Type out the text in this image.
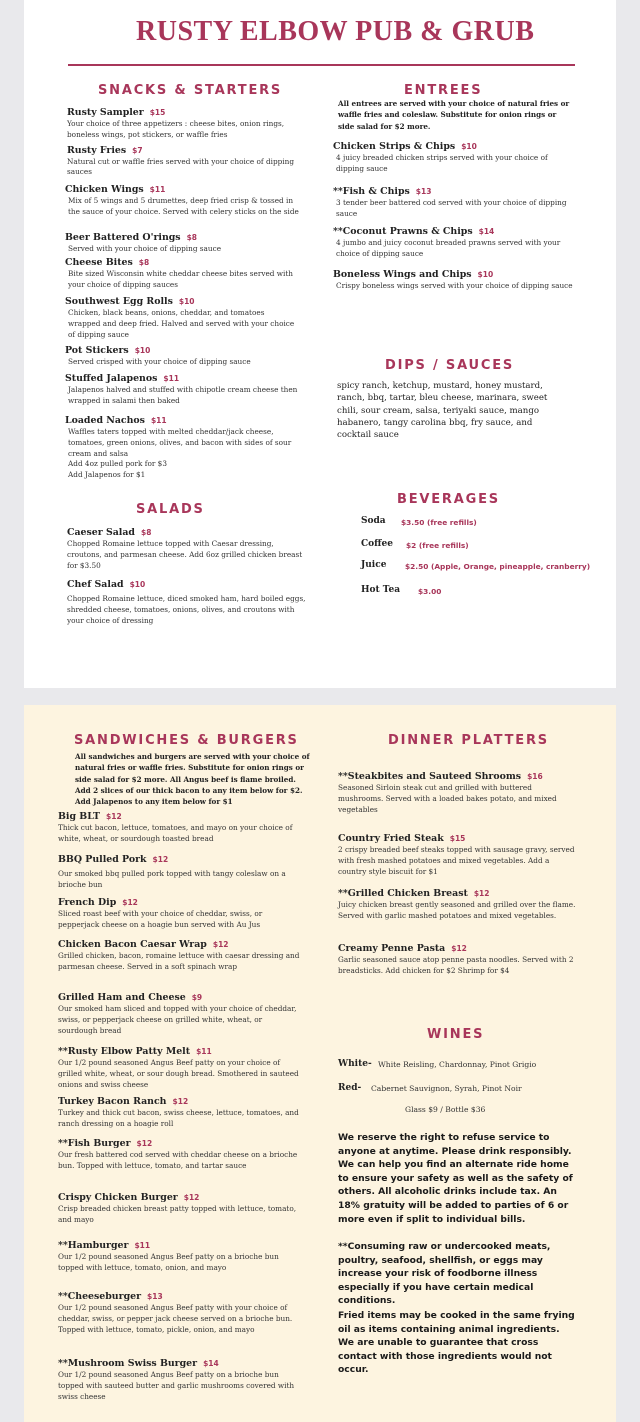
RUSTY ELBOW PUB & GRUB
SNACKS & STARTERS
Rusty Sampler $15
Your choice of three appetizers : cheese bites, onion rings, boneless wings, pot stickers, or waffle fries
Rusty Fries $7
Natural cut or waffle fries served with your choice of dipping sauces
Chicken Wings $11
Mix of 5 wings and 5 drumettes, deep fried crisp & tossed in the sauce of your choice. Served with celery sticks on the side
Beer Battered O'rings $8
Served with your choice of dipping sauce
Cheese Bites $8
Bite sized Wisconsin white cheddar cheese bites served with your choice of dipping sauces
Southwest Egg Rolls $10
Chicken, black beans, onions, cheddar, and tomatoes wrapped and deep fried. Halved and served with your choice of dipping sauce
Pot Stickers $10
Served crisped with your choice of dipping sauce
Stuffed Jalapenos $11
Jalapenos halved and stuffed with chipotle cream cheese then wrapped in salami then baked
Loaded Nachos $11
Waffles taters topped with melted cheddar/jack cheese, tomatoes, green onions, olives, and bacon with sides of sour cream and salsa
Add 4oz pulled pork for $3
Add Jalapenos for $1
ENTREES
All entrees are served with your choice of natural fries or waffle fries and coleslaw. Substitute for onion rings or side salad for $2 more.
Chicken Strips & Chips $10
4 juicy breaded chicken strips served with your choice of dipping sauce
**Fish & Chips $13
3 tender beer battered cod served with your choice of dipping sauce
**Coconut Prawns & Chips $14
4 jumbo and juicy coconut breaded prawns served with your choice of dipping sauce
Boneless Wings and Chips $10
Crispy boneless wings served with your choice of dipping sauce
DIPS / SAUCES
spicy ranch, ketchup, mustard, honey mustard, ranch, bbq, tartar, bleu cheese, marinara, sweet chili, sour cream, salsa, teriyaki sauce, mango habanero, tangy carolina bbq, fry sauce, and cocktail sauce
SALADS
Caeser Salad $8
Chopped Romaine lettuce topped with Caesar dressing, croutons, and parmesan cheese. Add 6oz grilled chicken breast for $3.50
Chef Salad $10
Chopped Romaine lettuce, diced smoked ham, hard boiled eggs, shredded cheese, tomatoes, onions, olives, and croutons with your choice of dressing
BEVERAGES
Soda $3.50 (free refills)
Coffee $2 (free refills)
Juice	$2.50 (Apple, Orange, pineapple, cranberry)
Hot Tea $3.00
SANDWICHES & BURGERS
All sandwiches and burgers are served with your choice of natural fries or waffle fries. Substitute for onion rings or side salad for $2 more. All Angus beef is flame broiled. Add 2 slices of our thick bacon to any item below for $2. Add Jalapenos to any item below for $1
Big BLT $12
Thick cut bacon, lettuce, tomatoes, and mayo on your choice of white, wheat, or sourdough toasted bread
BBQ Pulled Pork $12
Our smoked bbq pulled pork topped with tangy coleslaw on a brioche bun
French Dip $12
Sliced roast beef with your choice of cheddar, swiss, or pepperjack cheese on a hoagie bun served with Au Jus
Chicken Bacon Caesar Wrap $12
Grilled chicken, bacon, romaine lettuce with caesar dressing and parmesan cheese. Served in a soft spinach wrap
Grilled Ham and Cheese $9
Our smoked ham sliced and topped with your choice of cheddar, swiss, or pepperjack cheese on grilled white, wheat, or sourdough bread
**Rusty Elbow Patty Melt $11
Our 1/2 pound seasoned Angus Beef patty on your choice of grilled white, wheat, or sour dough bread. Smothered in sauteed onions and swiss cheese
Turkey Bacon Ranch $12
Turkey and thick cut bacon, swiss cheese, lettuce, tomatoes, and ranch dressing on a hoagie roll
**Fish Burger $12
Our fresh battered cod served with cheddar cheese on a brioche bun. Topped with lettuce, tomato, and tartar sauce
Crispy Chicken Burger $12
Crisp breaded chicken breast patty topped with lettuce, tomato, and mayo
**Hamburger $11
Our 1/2 pound seasoned Angus Beef patty on a brioche bun topped with lettuce, tomato, onion, and mayo
**Cheeseburger $13
Our 1/2 pound seasoned Angus Beef patty with your choice of cheddar, swiss, or pepper jack cheese served on a brioche bun. Topped with lettuce, tomato, pickle, onion, and mayo
**Mushroom Swiss Burger $14
Our 1/2 pound seasoned Angus Beef patty on a brioche bun topped with sauteed butter and garlic mushrooms covered with swiss cheese
DINNER PLATTERS
**Steakbites and Sauteed Shrooms $16
Seasoned Sirloin steak cut and grilled with buttered mushrooms. Served with a loaded bakes potato, and mixed vegetables
Country Fried Steak $15
2 crispy breaded beef steaks topped with sausage gravy, served with fresh mashed potatoes and mixed vegetables. Add a country style biscuit for $1
**Grilled Chicken Breast $12
Juicy chicken breast gently seasoned and grilled over the flame. Served with garlic mashed potatoes and mixed vegetables.
Creamy Penne Pasta $12
Garlic seasoned sauce atop penne pasta noodles. Served with 2 breadsticks. Add chicken for $2 Shrimp for $4
WINES
White- White Reisling, Chardonnay, Pinot Grigio
Red- Cabernet Sauvignon, Syrah, Pinot Noir
Glass $9 / Bottle $36
We reserve the right to refuse service to anyone at anytime. Please drink responsibly. We can help you find an alternate ride home to ensure your safety as well as the safety of others. All alcoholic drinks include tax. An 18% gratuity will be added to parties of 6 or more even if split to individual bills.
**Consuming raw or undercooked meats, poultry, seafood, shellfish, or eggs may increase your risk of foodborne illness especially if you have certain medical conditions.
Fried items may be cooked in the same frying oil as items containing animal ingredients. We are unable to guarantee that cross contact with those ingredients would not occur.
